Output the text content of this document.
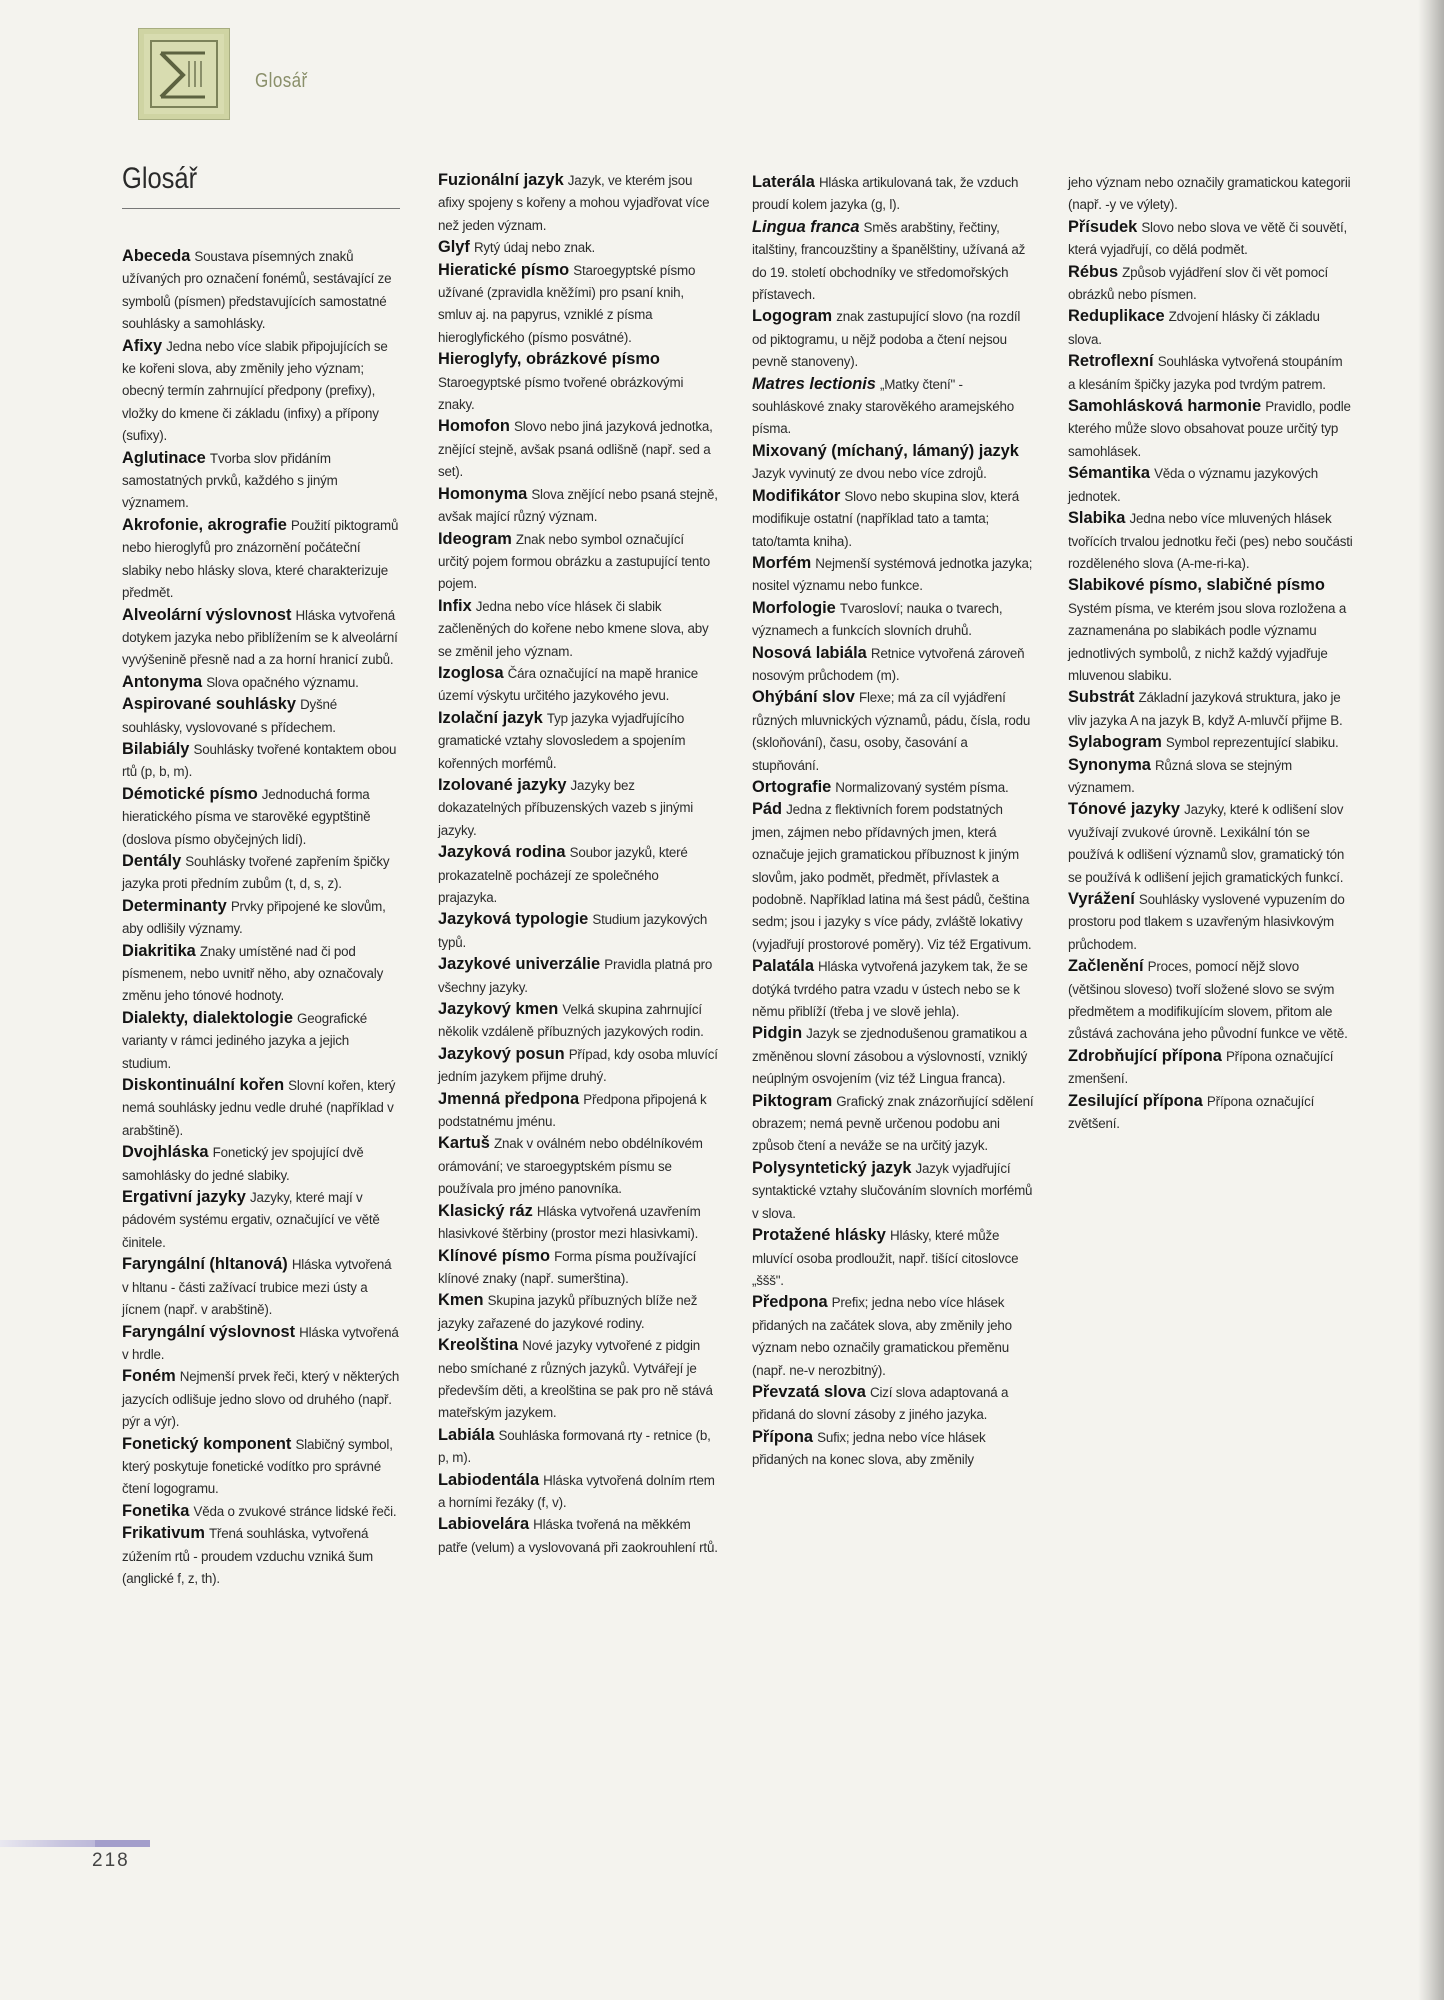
Glosář
Glosář

Abeceda Soustava písemných znaků užívaných pro označení fonémů, sestávající ze symbolů (písmen) představujících samostatné souhlásky a samohlásky.

Afixy Jedna nebo více slabik připojujících se ke kořeni slova, aby změnily jeho význam; obecný termín zahrnující předpony (prefixy), vložky do kmene či základu (infixy) a přípony (sufixy).

Aglutinace Tvorba slov přidáním samostatných prvků, každého s jiným významem.

Akrofonie, akrografie Použití piktogramů nebo hieroglyfů pro znázornění počáteční slabiky nebo hlásky slova, které charakterizuje předmět.

Alveolární výslovnost Hláska vytvořená dotykem jazyka nebo přiblížením se k alveolární vyvýšenině přesně nad a za horní hranicí zubů.

Antonyma Slova opačného významu.

Aspirované souhlásky Dyšné souhlásky, vyslovované s přídechem.

Bilabiály Souhlásky tvořené kontaktem obou rtů (p, b, m).

Démotické písmo Jednoduchá forma hieratického písma ve starověké egyptštině (doslova písmo obyčejných lidí).

Dentály Souhlásky tvořené zapřením špičky jazyka proti předním zubům (t, d, s, z).

Determinanty Prvky připojené ke slovům, aby odlišily významy.

Diakritika Znaky umístěné nad či pod písmenem, nebo uvnitř něho, aby označovaly změnu jeho tónové hodnoty.

Dialekty, dialektologie Geografické varianty v rámci jediného jazyka a jejich studium.

Diskontinuální kořen Slovní kořen, který nemá souhlásky jednu vedle druhé (například v arabštině).

Dvojhláska Fonetický jev spojující dvě samohlásky do jedné slabiky.

Ergativní jazyky Jazyky, které mají v pádovém systému ergativ, označující ve větě činitele.

Faryngální (hltanová) Hláska vytvořená v hltanu - části zažívací trubice mezi ústy a jícnem (např. v arabštině).

Faryngální výslovnost Hláska vytvořená v hrdle.

Foném Nejmenší prvek řeči, který v některých jazycích odlišuje jedno slovo od druhého (např. pýr a výr).

Fonetický komponent Slabičný symbol, který poskytuje fonetické vodítko pro správné čtení logogramu.

Fonetika Věda o zvukové stránce lidské řeči.

Frikativum Třená souhláska, vytvořená zúžením rtů - proudem vzduchu vzniká šum (anglické f, z, th).

Fuzionální jazyk Jazyk, ve kterém jsou afixy spojeny s kořeny a mohou vyjadřovat více než jeden význam.

Glyf Rytý údaj nebo znak.

Hieratické písmo Staroegyptské písmo užívané (zpravidla kněžími) pro psaní knih, smluv aj. na papyrus, vzniklé z písma hieroglyfického (písmo posvátné).

Hieroglyfy, obrázkové písmo Staroegyptské písmo tvořené obrázkovými znaky.

Homofon Slovo nebo jiná jazyková jednotka, znějící stejně, avšak psaná odlišně (např. sed a set).

Homonyma Slova znějící nebo psaná stejně, avšak mající různý význam.

Ideogram Znak nebo symbol označující určitý pojem formou obrázku a zastupující tento pojem.

Infix Jedna nebo více hlásek či slabik začleněných do kořene nebo kmene slova, aby se změnil jeho význam.

Izoglosa Čára označující na mapě hranice území výskytu určitého jazykového jevu.

Izolační jazyk Typ jazyka vyjadřujícího gramatické vztahy slovosledem a spojením kořenných morfémů.

Izolované jazyky Jazyky bez dokazatelných příbuzenských vazeb s jinými jazyky.

Jazyková rodina Soubor jazyků, které prokazatelně pocházejí ze společného prajazyka.

Jazyková typologie Studium jazykových typů.

Jazykové univerzálie Pravidla platná pro všechny jazyky.

Jazykový kmen Velká skupina zahrnující několik vzdáleně příbuzných jazykových rodin.

Jazykový posun Případ, kdy osoba mluvící jedním jazykem přijme druhý.

Jmenná předpona Předpona připojená k podstatnému jménu.

Kartuš Znak v oválném nebo obdélníkovém orámování; ve staroegyptském písmu se používala pro jméno panovníka.

Klasický ráz Hláska vytvořená uzavřením hlasivkové štěrbiny (prostor mezi hlasivkami).

Klínové písmo Forma písma používající klínové znaky (např. sumerština).

Kmen Skupina jazyků příbuzných blíže než jazyky zařazené do jazykové rodiny.

Kreolština Nové jazyky vytvořené z pidgin nebo smíchané z různých jazyků. Vytvářejí je především děti, a kreolština se pak pro ně stává mateřským jazykem.

Labiála Souhláska formovaná rty - retnice (b, p, m).

Labiodentála Hláska vytvořená dolním rtem a horními řezáky (f, v).

Labiovelára Hláska tvořená na měkkém patře (velum) a vyslovovaná při zaokrouhlení rtů.

Laterála Hláska artikulovaná tak, že vzduch proudí kolem jazyka (g, l).

Lingua franca Směs arabštiny, řečtiny, italštiny, francouzštiny a španělštiny, užívaná až do 19. století obchodníky ve středomořských přístavech.

Logogram znak zastupující slovo (na rozdíl od piktogramu, u nějž podoba a čtení nejsou pevně stanoveny).

Matres lectionis „Matky čtení" - souhláskové znaky starověkého aramejského písma.

Mixovaný (míchaný, lámaný) jazyk Jazyk vyvinutý ze dvou nebo více zdrojů.

Modifikátor Slovo nebo skupina slov, která modifikuje ostatní (například tato a tamta; tato/tamta kniha).

Morfém Nejmenší systémová jednotka jazyka; nositel významu nebo funkce.

Morfologie Tvarosloví; nauka o tvarech, významech a funkcích slovních druhů.

Nosová labiála Retnice vytvořená zároveň nosovým průchodem (m).

Ohýbání slov Flexe; má za cíl vyjádření různých mluvnických významů, pádu, čísla, rodu (skloňování), času, osoby, časování a stupňování.

Ortografie Normalizovaný systém písma.

Pád Jedna z flektivních forem podstatných jmen, zájmen nebo přídavných jmen, která označuje jejich gramatickou příbuznost k jiným slovům, jako podmět, předmět, přívlastek a podobně. Například latina má šest pádů, čeština sedm; jsou i jazyky s více pády, zvláště lokativy (vyjadřují prostorové poměry). Viz též Ergativum.

Palatála Hláska vytvořená jazykem tak, že se dotýká tvrdého patra vzadu v ústech nebo se k němu přiblíží (třeba j ve slově jehla).

Pidgin Jazyk se zjednodušenou gramatikou a změněnou slovní zásobou a výslovností, vzniklý neúplným osvojením (viz též Lingua franca).

Piktogram Grafický znak znázorňující sdělení obrazem; nemá pevně určenou podobu ani způsob čtení a neváže se na určitý jazyk.

Polysyntetický jazyk Jazyk vyjadřující syntaktické vztahy slučováním slovních morfémů v slova.

Protažené hlásky Hlásky, které může mluvící osoba prodloužit, např. tišící citoslovce „ššš".

Předpona Prefix; jedna nebo více hlásek přidaných na začátek slova, aby změnily jeho význam nebo označily gramatickou přeměnu (např. ne-v nerozbitný).

Převzatá slova Cizí slova adaptovaná a přidaná do slovní zásoby z jiného jazyka.

Přípona Sufix; jedna nebo více hlásek přidaných na konec slova, aby změnily

jeho význam nebo označily gramatickou kategorii (např. -y ve výlety).

Přísudek Slovo nebo slova ve větě či souvětí, která vyjadřují, co dělá podmět.

Rébus Způsob vyjádření slov či vět pomocí obrázků nebo písmen.

Reduplikace Zdvojení hlásky či základu slova.

Retroflexní Souhláska vytvořená stoupáním a klesáním špičky jazyka pod tvrdým patrem.

Samohlásková harmonie Pravidlo, podle kterého může slovo obsahovat pouze určitý typ samohlásek.

Sémantika Věda o významu jazykových jednotek.

Slabika Jedna nebo více mluvených hlásek tvořících trvalou jednotku řeči (pes) nebo součásti rozděleného slova (A-me-ri-ka).

Slabikové písmo, slabičné písmo Systém písma, ve kterém jsou slova rozložena a zaznamenána po slabikách podle významu jednotlivých symbolů, z nichž každý vyjadřuje mluvenou slabiku.

Substrát Základní jazyková struktura, jako je vliv jazyka A na jazyk B, když A-mluvčí přijme B.

Sylabogram Symbol reprezentující slabiku.

Synonyma Různá slova se stejným významem.

Tónové jazyky Jazyky, které k odlišení slov využívají zvukové úrovně. Lexikální tón se používá k odlišení významů slov, gramatický tón se používá k odlišení jejich gramatických funkcí.

Vyrážení Souhlásky vyslovené vypuzením do prostoru pod tlakem s uzavřeným hlasivkovým průchodem.

Začlenění Proces, pomocí nějž slovo (většinou sloveso) tvoří složené slovo se svým předmětem a modifikujícím slovem, přitom ale zůstává zachována jeho původní funkce ve větě.

Zdrobňující přípona Přípona označující zmenšení.

Zesilující přípona Přípona označující zvětšení.

218
